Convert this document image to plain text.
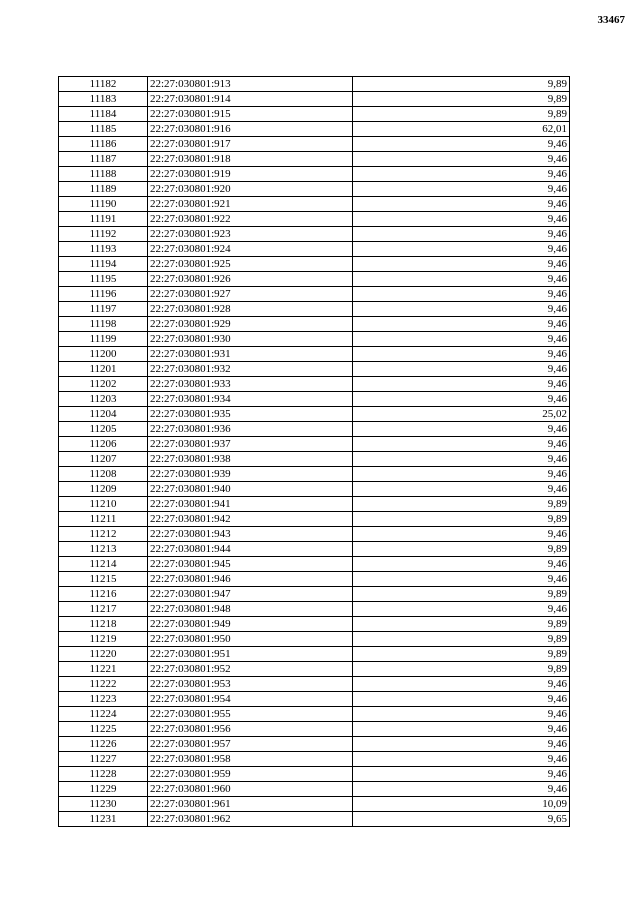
33467
11182	22:27:030801:913	9,89
11183	22:27:030801:914	9,89
11184	22:27:030801:915	9,89
11185	22:27:030801:916	62,01
11186	22:27:030801:917	9,46
11187	22:27:030801:918	9,46
11188	22:27:030801:919	9,46
11189	22:27:030801:920	9,46
11190	22:27:030801:921	9,46
11191	22:27:030801:922	9,46
11192	22:27:030801:923	9,46
11193	22:27:030801:924	9,46
11194	22:27:030801:925	9,46
11195	22:27:030801:926	9,46
11196	22:27:030801:927	9,46
11197	22:27:030801:928	9,46
11198	22:27:030801:929	9,46
11199	22:27:030801:930	9,46
11200	22:27:030801:931	9,46
11201	22:27:030801:932	9,46
11202	22:27:030801:933	9,46
11203	22:27:030801:934	9,46
11204	22:27:030801:935	25,02
11205	22:27:030801:936	9,46
11206	22:27:030801:937	9,46
11207	22:27:030801:938	9,46
11208	22:27:030801:939	9,46
11209	22:27:030801:940	9,46
11210	22:27:030801:941	9,89
11211	22:27:030801:942	9,89
11212	22:27:030801:943	9,46
11213	22:27:030801:944	9,89
11214	22:27:030801:945	9,46
11215	22:27:030801:946	9,46
11216	22:27:030801:947	9,89
11217	22:27:030801:948	9,46
11218	22:27:030801:949	9,89
11219	22:27:030801:950	9,89
11220	22:27:030801:951	9,89
11221	22:27:030801:952	9,89
11222	22:27:030801:953	9,46
11223	22:27:030801:954	9,46
11224	22:27:030801:955	9,46
11225	22:27:030801:956	9,46
11226	22:27:030801:957	9,46
11227	22:27:030801:958	9,46
11228	22:27:030801:959	9,46
11229	22:27:030801:960	9,46
11230	22:27:030801:961	10,09
11231	22:27:030801:962	9,65
